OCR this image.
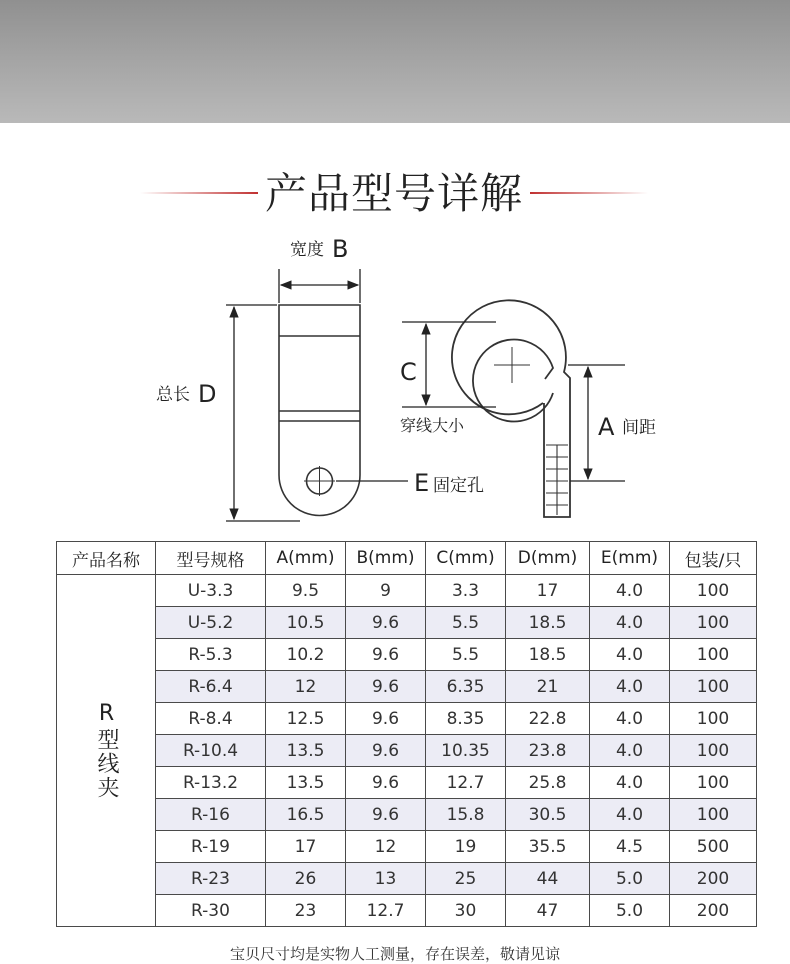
产品型号详解
宽度 B
总长 D
E 固定孔
C
穿线大小	A 间距
产品名称	型号规格	A(mm)	B(mm)	C(mm)	D(mm)	E(mm)	包装/只
R型线夹	U-3.3	9.5	9	3.3	17	4.0	100
	U-5.2	10.5	9.6	5.5	18.5	4.0	100
	R-5.3	10.2	9.6	5.5	18.5	4.0	100
	R-6.4	12	9.6	6.35	21	4.0	100
	R-8.4	12.5	9.6	8.35	22.8	4.0	100
	R-10.4	13.5	9.6	10.35	23.8	4.0	100
	R-13.2	13.5	9.6	12.7	25.8	4.0	100
	R-16	16.5	9.6	15.8	30.5	4.0	100
	R-19	17	12	19	35.5	4.5	500
	R-23	26	13	25	44	5.0	200
	R-30	23	12.7	30	47	5.0	200
宝贝尺寸均是实物人工测量，存在误差，敬请见谅
